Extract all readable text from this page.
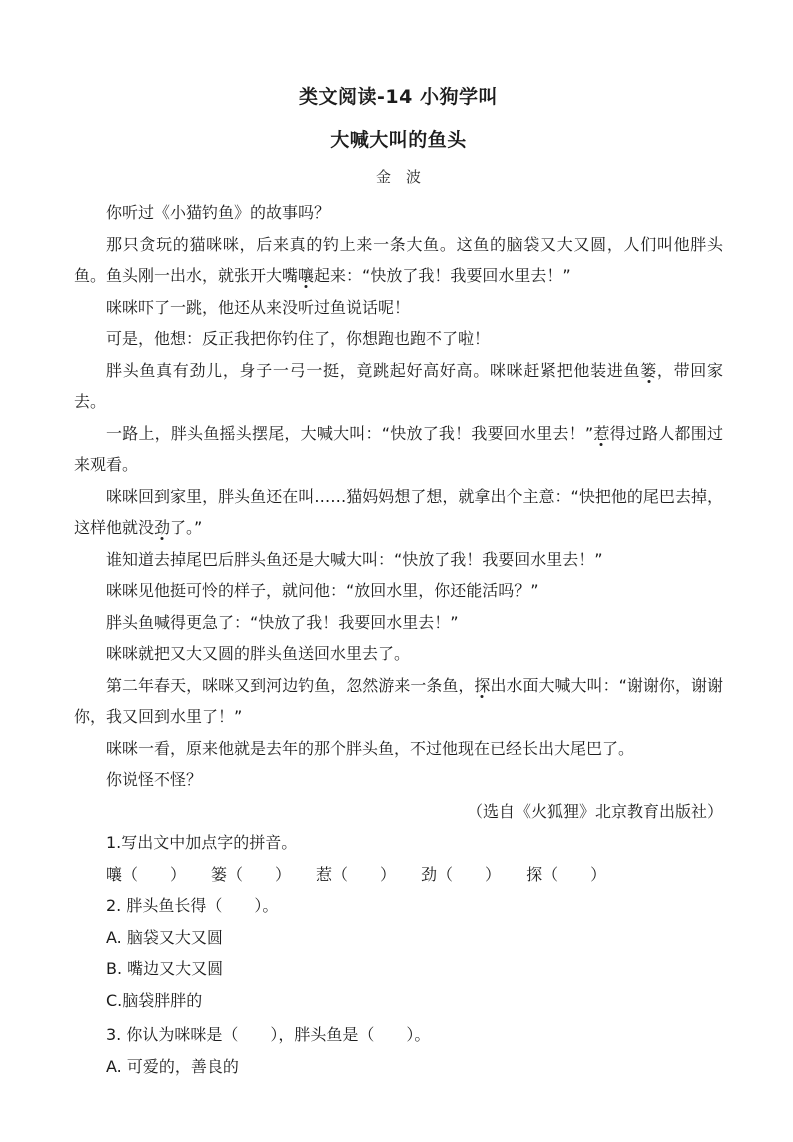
类文阅读-14 小狗学叫
大喊大叫的鱼头
金　波

你听过《小猫钓鱼》的故事吗？

那只贪玩的猫咪咪，后来真的钓上来一条大鱼。这鱼的脑袋又大又圆，人们叫他胖头鱼。鱼头刚一出水，就张开大嘴嚷起来：“快放了我！我要回水里去！”

咪咪吓了一跳，他还从来没听过鱼说话呢！

可是，他想：反正我把你钓住了，你想跑也跑不了啦！

胖头鱼真有劲儿，身子一弓一挺，竟跳起好高好高。咪咪赶紧把他装进鱼篓，带回家去。

一路上，胖头鱼摇头摆尾，大喊大叫：“快放了我！我要回水里去！”惹得过路人都围过来观看。

咪咪回到家里，胖头鱼还在叫……猫妈妈想了想，就拿出个主意：“快把他的尾巴去掉，这样他就没劲了。”

谁知道去掉尾巴后胖头鱼还是大喊大叫：“快放了我！我要回水里去！”

咪咪见他挺可怜的样子，就问他：“放回水里，你还能活吗？”

胖头鱼喊得更急了：“快放了我！我要回水里去！”

咪咪就把又大又圆的胖头鱼送回水里去了。

第二年春天，咪咪又到河边钓鱼，忽然游来一条鱼，探出水面大喊大叫：“谢谢你，谢谢你，我又回到水里了！”

咪咪一看，原来他就是去年的那个胖头鱼，不过他现在已经长出大尾巴了。

你说怪不怪？

（选自《火狐狸》北京教育出版社）
1.写出文中加点字的拼音。
嚷（　　） 篓（　　） 惹（　　） 劲（　　） 探（　　）
2. 胖头鱼长得（　　）。
A. 脑袋又大又圆
B. 嘴边又大又圆
C.脑袋胖胖的
3. 你认为咪咪是（　　），胖头鱼是（　　）。
A. 可爱的，善良的
